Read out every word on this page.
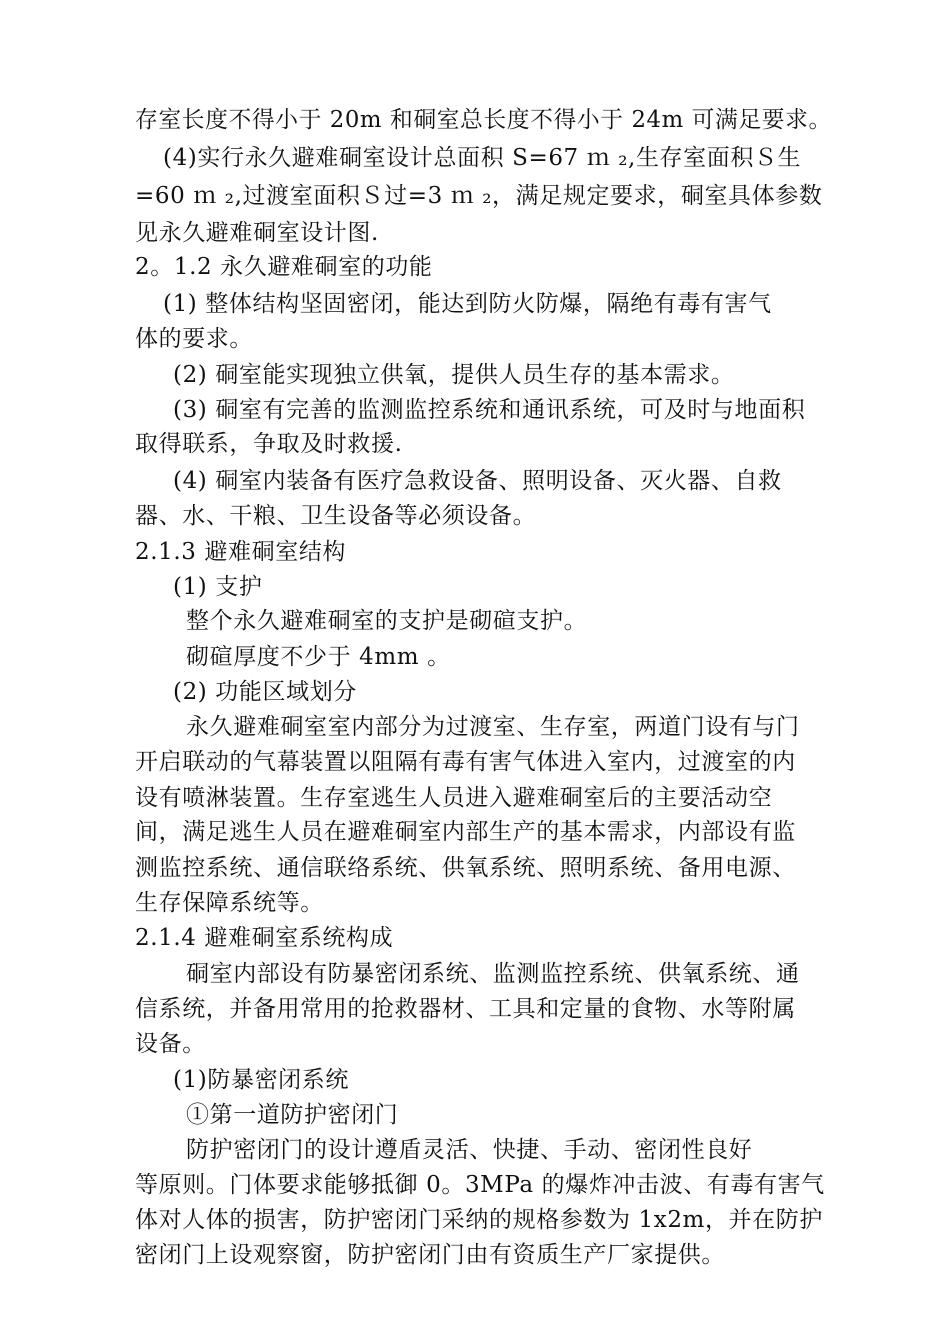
存室长度不得小于 20m 和硐室总长度不得小于 24m 可满足要求。
(4)实行永久避难硐室设计总面积 S=67 ｍ ₂,生存室面积Ｓ生
=60 ｍ ₂,过渡室面积Ｓ过=3 ｍ ₂，满足规定要求，硐室具体参数
见永久避难硐室设计图.
2。1.2 永久避难硐室的功能
(1) 整体结构坚固密闭，能达到防火防爆，隔绝有毒有害气
体的要求。
(2) 硐室能实现独立供氧，提供人员生存的基本需求。
(3) 硐室有完善的监测监控系统和通讯系统，可及时与地面积
取得联系，争取及时救援.
(4) 硐室内装备有医疗急救设备、照明设备、灭火器、自救
器、水、干粮、卫生设备等必须设备。
2.1.3 避难硐室结构
(1) 支护
整个永久避难硐室的支护是砌碹支护。
砌碹厚度不少于 4mm 。
(2) 功能区域划分
永久避难硐室室内部分为过渡室、生存室，两道门设有与门
开启联动的气幕装置以阻隔有毒有害气体进入室内，过渡室的内
设有喷淋装置。生存室逃生人员进入避难硐室后的主要活动空
间，满足逃生人员在避难硐室内部生产的基本需求，内部设有监
测监控系统、通信联络系统、供氧系统、照明系统、备用电源、
生存保障系统等。
2.1.4 避难硐室系统构成
硐室内部设有防暴密闭系统、监测监控系统、供氧系统、通
信系统，并备用常用的抢救器材、工具和定量的食物、水等附属
设备。
(1)防暴密闭系统
①第一道防护密闭门
防护密闭门的设计遵盾灵活、快捷、手动、密闭性良好
等原则。门体要求能够抵御 0。3MPa 的爆炸冲击波、有毒有害气
体对人体的损害，防护密闭门采纳的规格参数为 1x2m，并在防护
密闭门上设观察窗，防护密闭门由有资质生产厂家提供。
